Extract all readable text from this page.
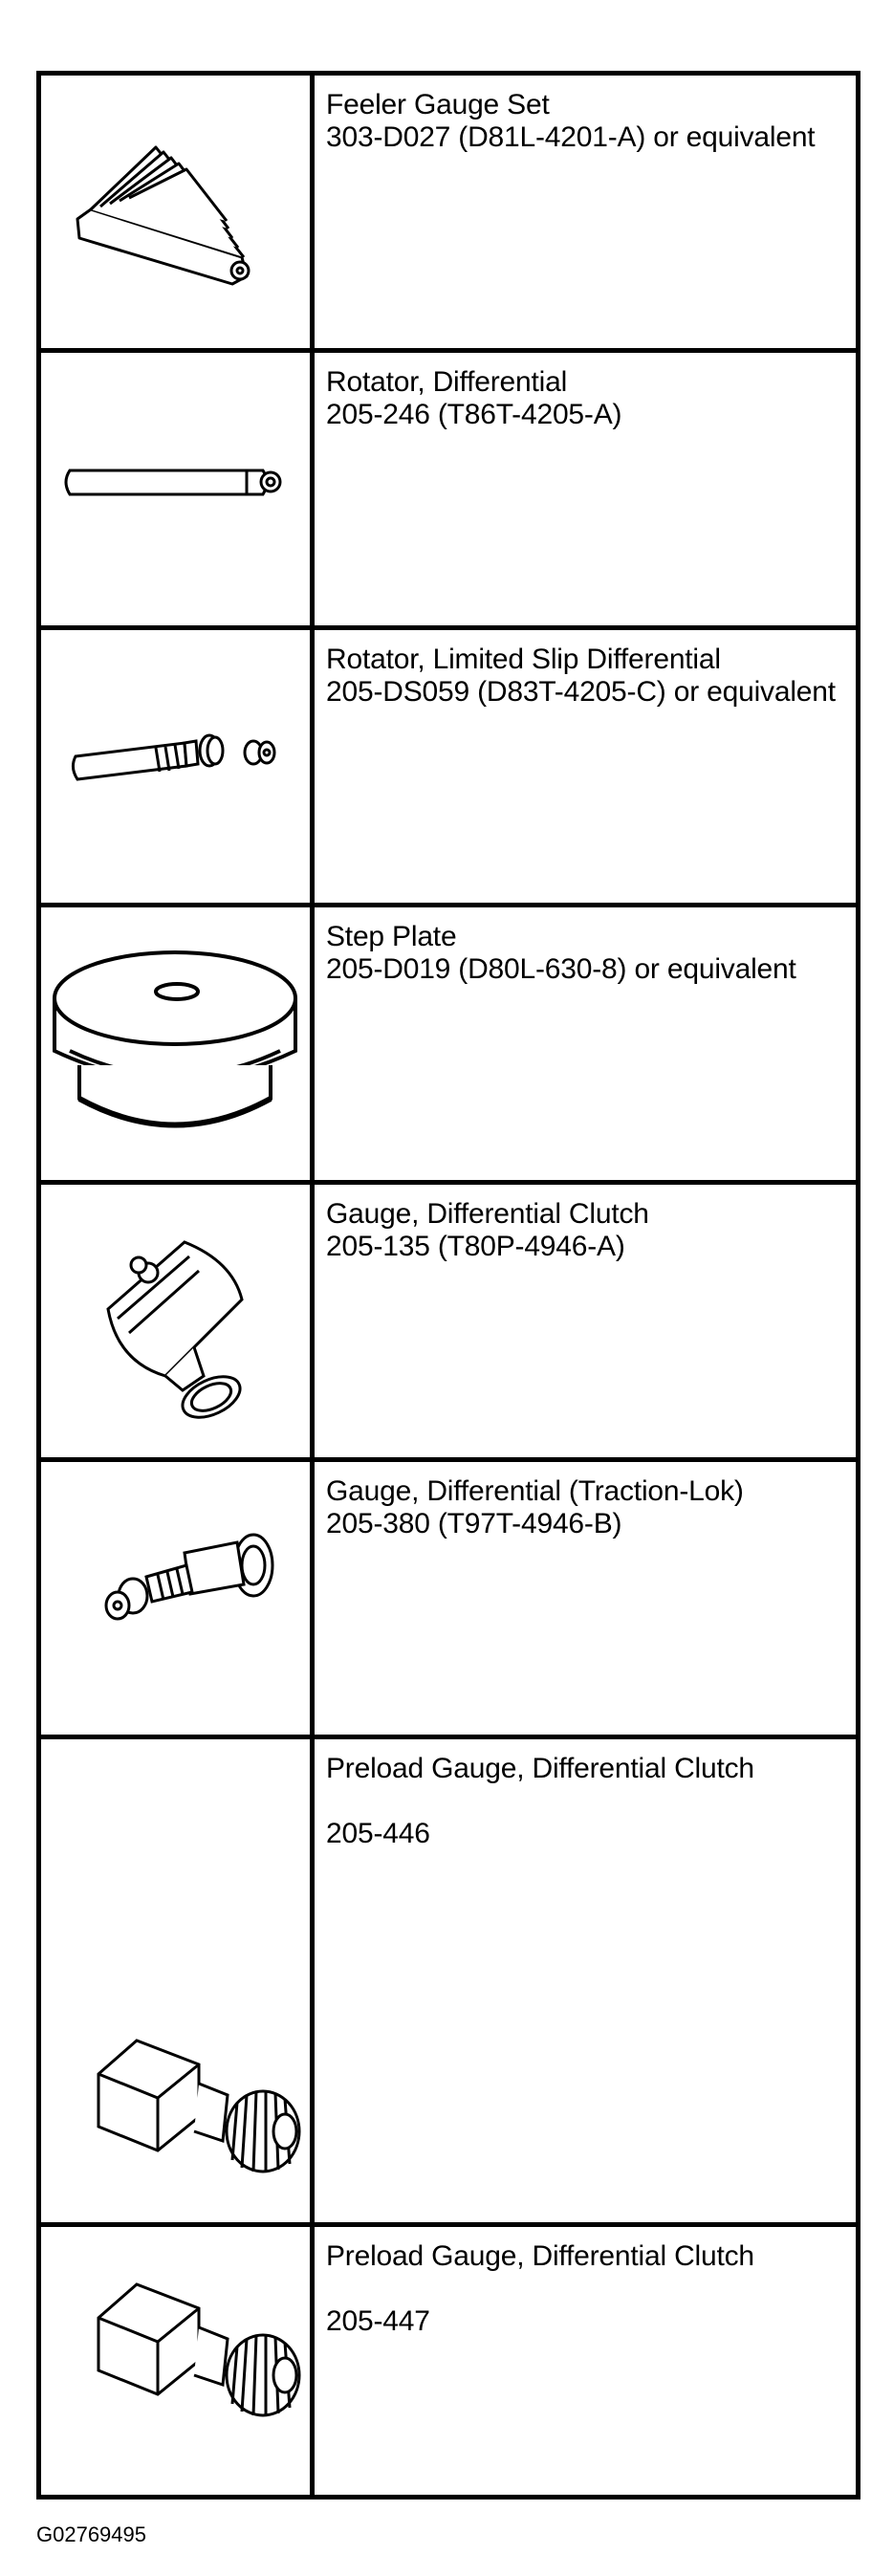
Feeler Gauge Set
303-D027 (D81L-4201-A) or equivalent

Rotator, Differential
205-246 (T86T-4205-A)

Rotator, Limited Slip Differential
205-DS059 (D83T-4205-C) or equivalent

Step Plate
205-D019 (D80L-630-8) or equivalent

Gauge, Differential Clutch
205-135 (T80P-4946-A)

Gauge, Differential (Traction-Lok)
205-380 (T97T-4946-B)

Preload Gauge, Differential Clutch
205-446

Preload Gauge, Differential Clutch
205-447
G02769495
